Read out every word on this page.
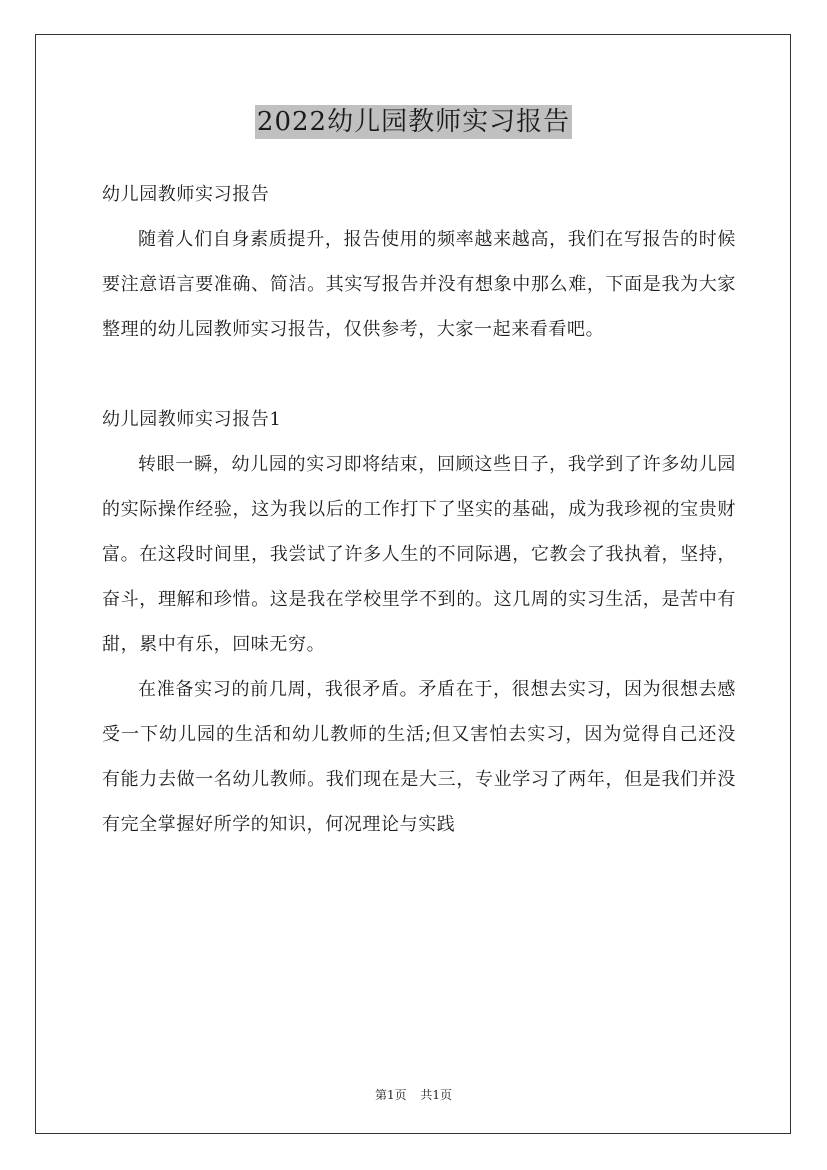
2022幼儿园教师实习报告

幼儿园教师实习报告

随着人们自身素质提升，报告使用的频率越来越高，我们在写报告的时候要注意语言要准确、简洁。其实写报告并没有想象中那么难，下面是我为大家整理的幼儿园教师实习报告，仅供参考，大家一起来看看吧。

幼儿园教师实习报告1

转眼一瞬，幼儿园的实习即将结束，回顾这些日子，我学到了许多幼儿园的实际操作经验，这为我以后的工作打下了坚实的基础，成为我珍视的宝贵财富。在这段时间里，我尝试了许多人生的不同际遇，它教会了我执着，坚持，奋斗，理解和珍惜。这是我在学校里学不到的。这几周的实习生活，是苦中有甜，累中有乐，回味无穷。

在准备实习的前几周，我很矛盾。矛盾在于，很想去实习，因为很想去感受一下幼儿园的生活和幼儿教师的生活;但又害怕去实习，因为觉得自己还没有能力去做一名幼儿教师。我们现在是大三，专业学习了两年，但是我们并没有完全掌握好所学的知识，何况理论与实践

第1页 共1页
